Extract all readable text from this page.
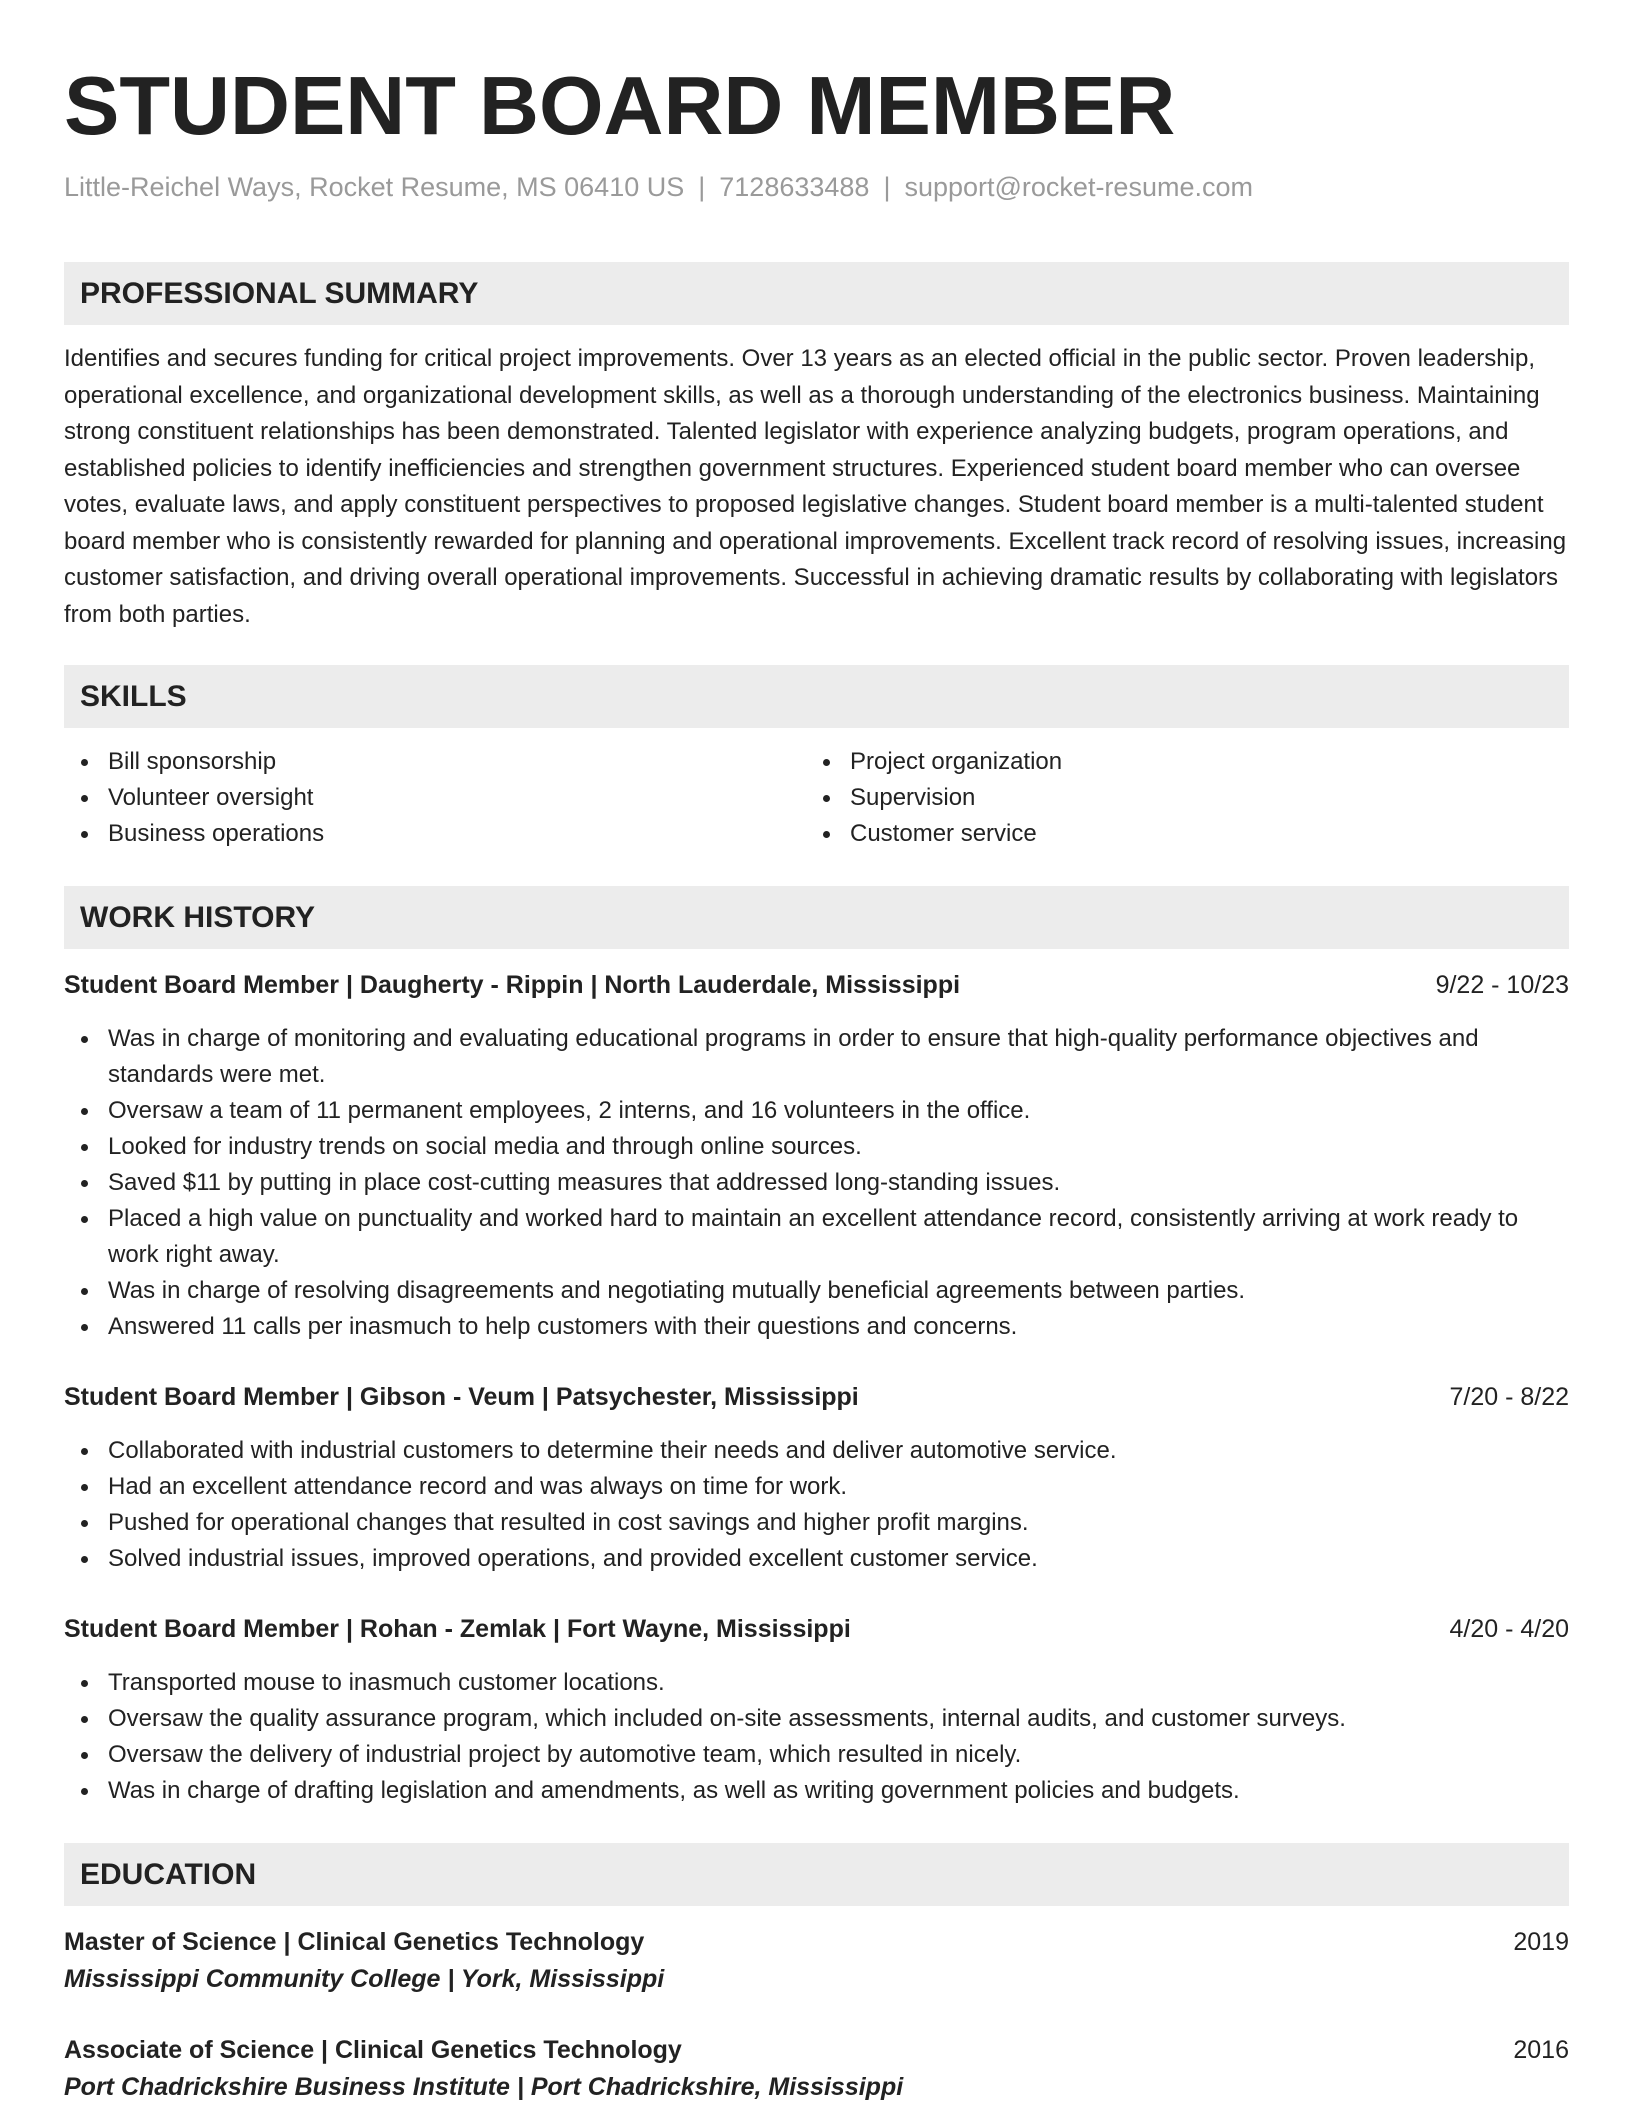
STUDENT BOARD MEMBER
Little-Reichel Ways, Rocket Resume, MS 06410 US | 7128633488 | support@rocket-resume.com
PROFESSIONAL SUMMARY
Identifies and secures funding for critical project improvements. Over 13 years as an elected official in the public sector. Proven leadership, operational excellence, and organizational development skills, as well as a thorough understanding of the electronics business. Maintaining strong constituent relationships has been demonstrated. Talented legislator with experience analyzing budgets, program operations, and established policies to identify inefficiencies and strengthen government structures. Experienced student board member who can oversee votes, evaluate laws, and apply constituent perspectives to proposed legislative changes. Student board member is a multi-talented student board member who is consistently rewarded for planning and operational improvements. Excellent track record of resolving issues, increasing customer satisfaction, and driving overall operational improvements. Successful in achieving dramatic results by collaborating with legislators from both parties.
SKILLS
Bill sponsorship
Volunteer oversight
Business operations
Project organization
Supervision
Customer service
WORK HISTORY
Student Board Member | Daugherty - Rippin | North Lauderdale, Mississippi	9/22 - 10/23
Was in charge of monitoring and evaluating educational programs in order to ensure that high-quality performance objectives and standards were met.
Oversaw a team of 11 permanent employees, 2 interns, and 16 volunteers in the office.
Looked for industry trends on social media and through online sources.
Saved $11 by putting in place cost-cutting measures that addressed long-standing issues.
Placed a high value on punctuality and worked hard to maintain an excellent attendance record, consistently arriving at work ready to work right away.
Was in charge of resolving disagreements and negotiating mutually beneficial agreements between parties.
Answered 11 calls per inasmuch to help customers with their questions and concerns.
Student Board Member | Gibson - Veum | Patsychester, Mississippi	7/20 - 8/22
Collaborated with industrial customers to determine their needs and deliver automotive service.
Had an excellent attendance record and was always on time for work.
Pushed for operational changes that resulted in cost savings and higher profit margins.
Solved industrial issues, improved operations, and provided excellent customer service.
Student Board Member | Rohan - Zemlak | Fort Wayne, Mississippi	4/20 - 4/20
Transported mouse to inasmuch customer locations.
Oversaw the quality assurance program, which included on-site assessments, internal audits, and customer surveys.
Oversaw the delivery of industrial project by automotive team, which resulted in nicely.
Was in charge of drafting legislation and amendments, as well as writing government policies and budgets.
EDUCATION
Master of Science | Clinical Genetics Technology	2019
Mississippi Community College | York, Mississippi
Associate of Science | Clinical Genetics Technology	2016
Port Chadrickshire Business Institute | Port Chadrickshire, Mississippi
